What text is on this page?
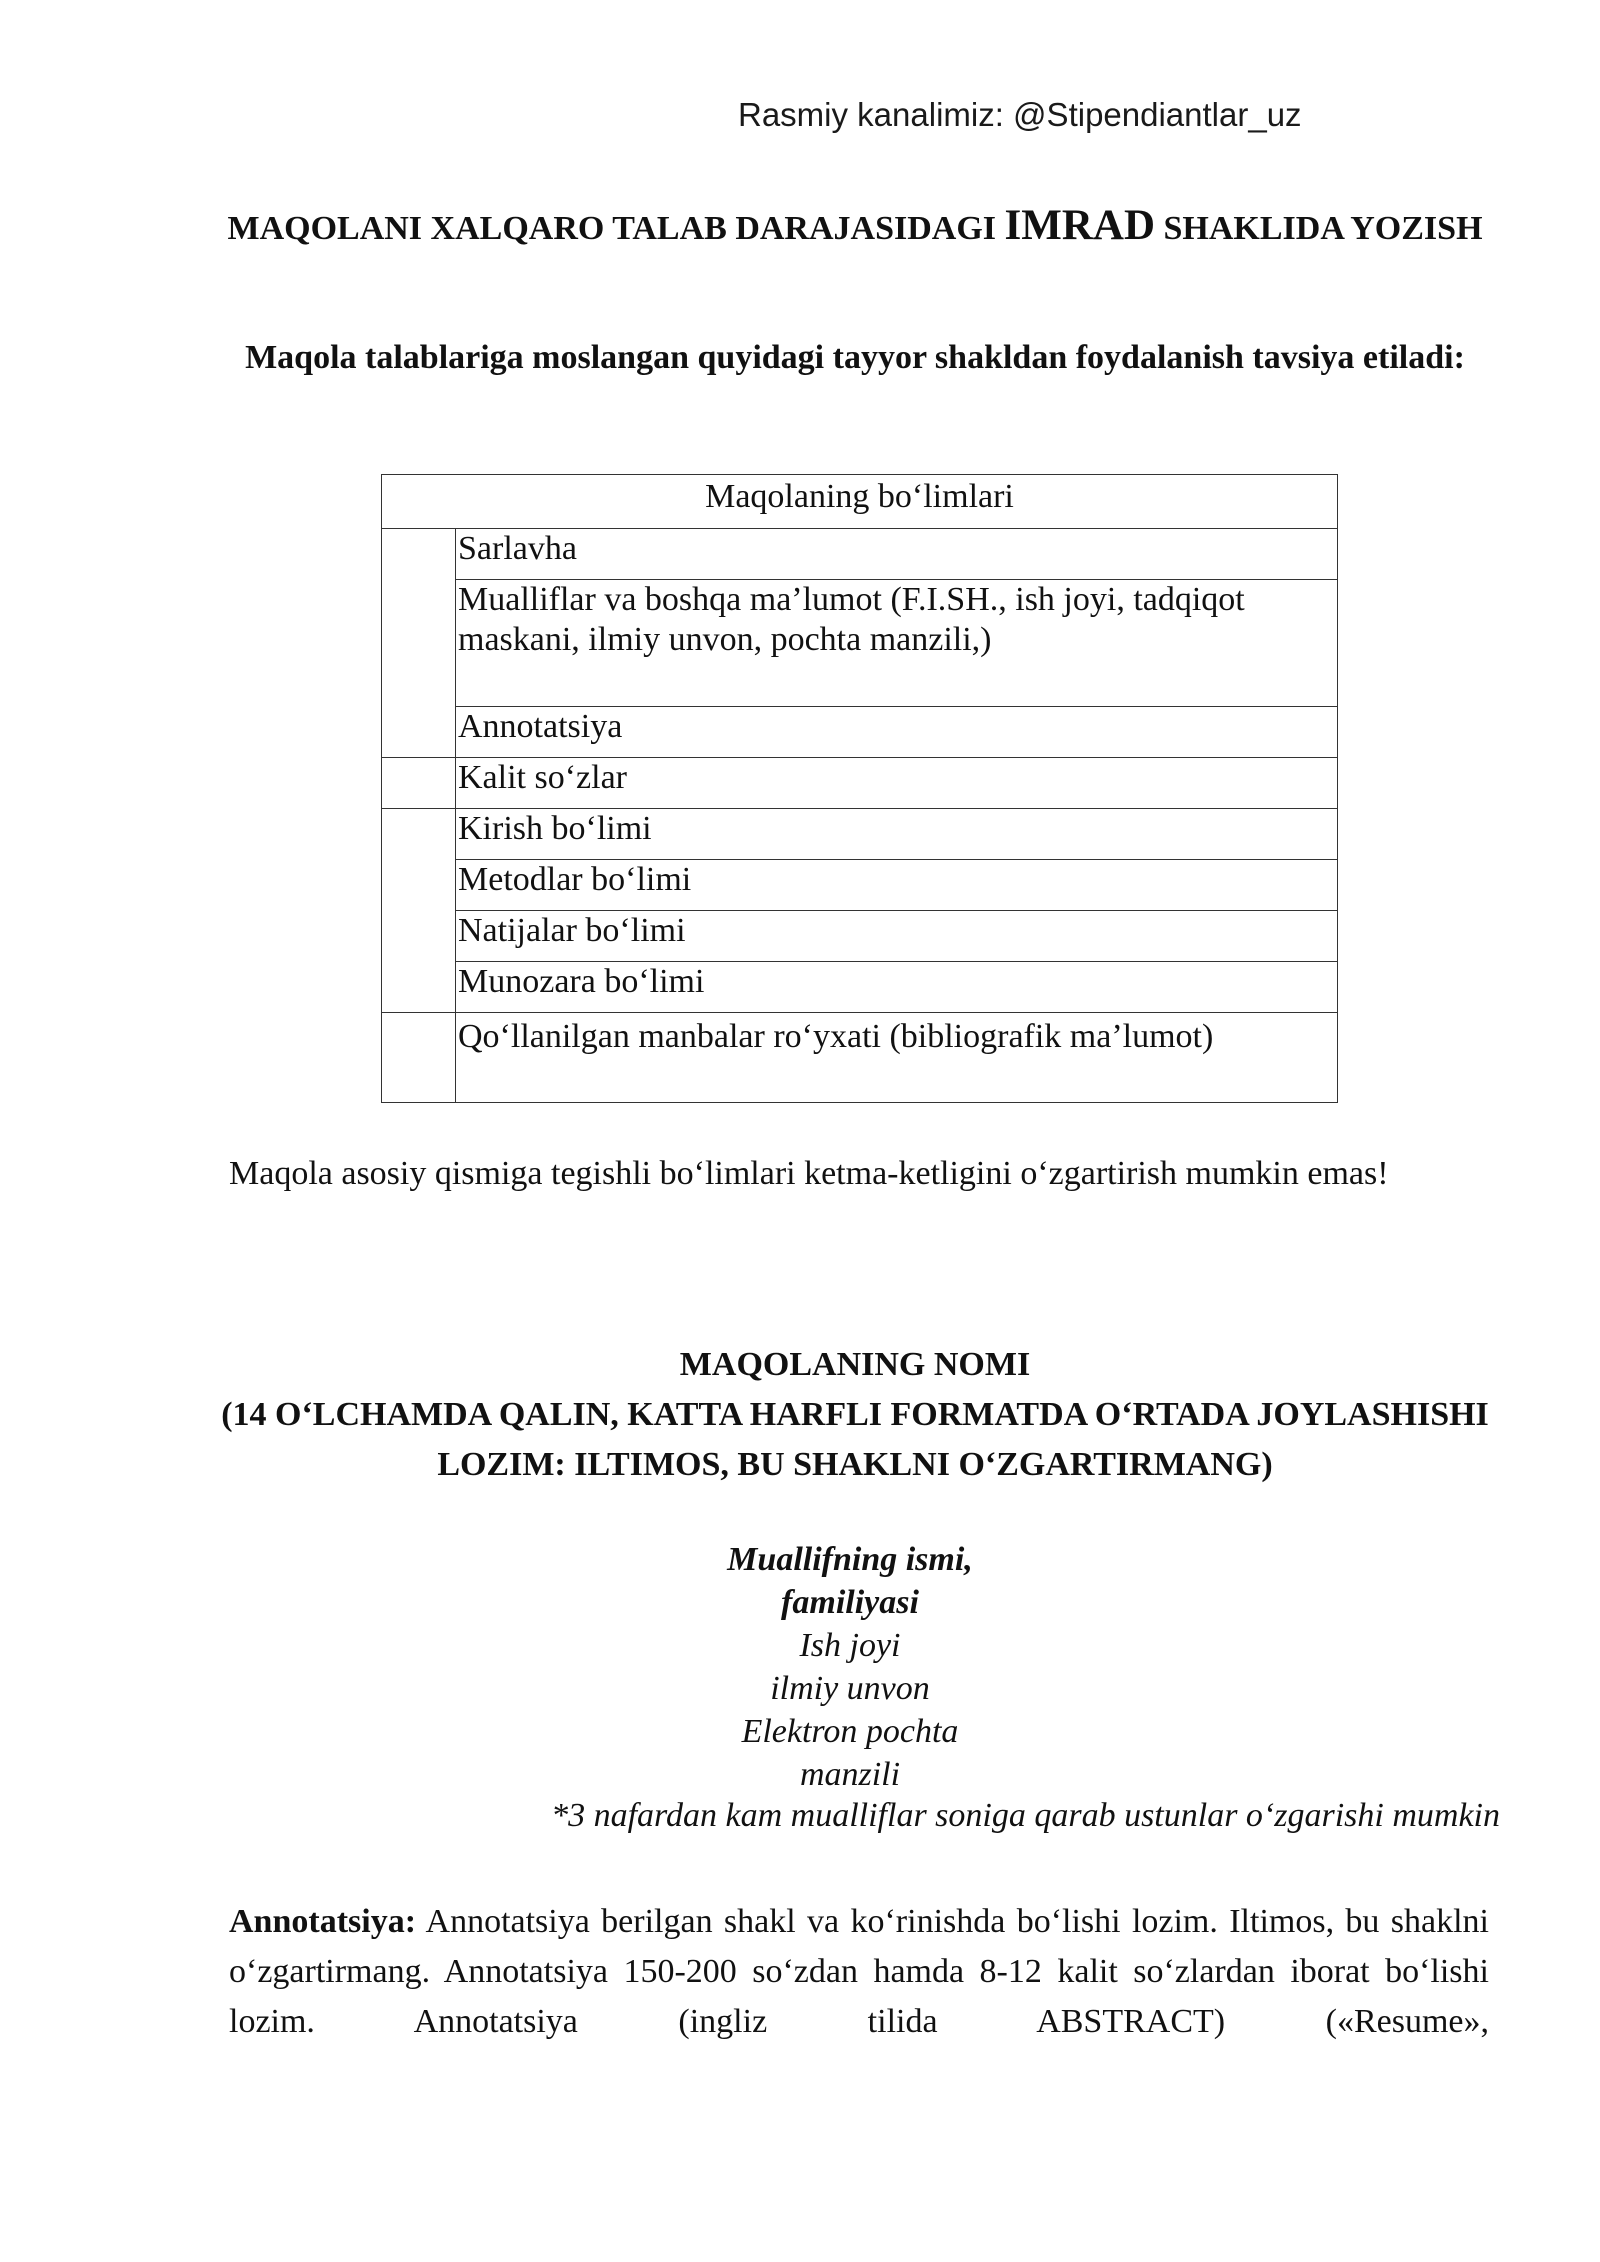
Rasmiy kanalimiz: @Stipendiantlar_uz
MAQOLANI XALQARO TALAB DARAJASIDAGI IMRAD SHAKLIDA YOZISH
Maqola talablariga moslangan quyidagi tayyor shakldan foydalanish tavsiya etiladi:
Maqolaning bo‘limlari	
	Sarlavha
	Mualliflar va boshqa ma’lumot (F.I.SH., ish joyi, tadqiqot maskani, ilmiy unvon, pochta manzili,)
	Annotatsiya
	Kalit so‘zlar
	Kirish bo‘limi
	Metodlar bo‘limi
	Natijalar bo‘limi
	Munozara bo‘limi
	Qo‘llanilgan manbalar ro‘yxati (bibliografik ma’lumot)
Maqola asosiy qismiga tegishli bo‘limlari ketma-ketligini o‘zgartirish mumkin emas!
MAQOLANING NOMI
(14 O‘LCHAMDA QALIN, KATTA HARFLI FORMATDA O‘RTADA JOYLASHISHI LOZIM: ILTIMOS, BU SHAKLNI O‘ZGARTIRMANG)
Muallifning ismi,
familiyasi
Ish joyi
ilmiy unvon
Elektron pochta
manzili
*3 nafardan kam mualliflar soniga qarab ustunlar o‘zgarishi mumkin
Annotatsiya: Annotatsiya berilgan shakl va ko‘rinishda bo‘lishi lozim. Iltimos, bu shaklni o‘zgartirmang. Annotatsiya 150-200 so‘zdan hamda 8-12 kalit so‘zlardan iborat bo‘lishi lozim. Annotatsiya (ingliz tilida ABSTRACT) («Resume»,
